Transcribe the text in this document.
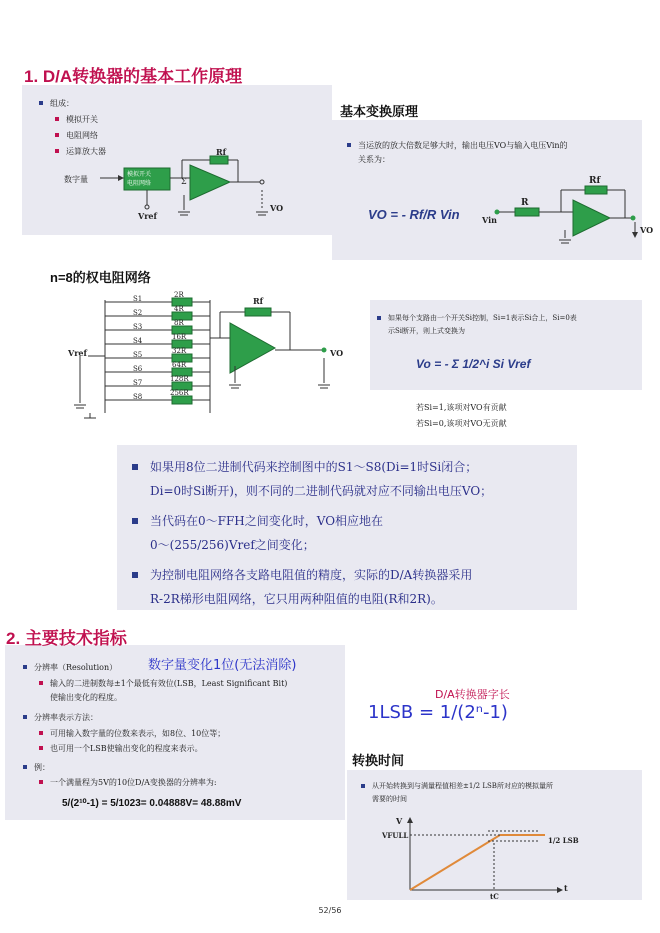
1. D/A转换器的基本工作原理
组成：
模拟开关
电阻网络
运算放大器
数字量
模拟开关
电阻网络
Rf
Vref
VO
Σ
基本变换原理
当运放的放大倍数足够大时，输出电压VO与输入电压Vin的
关系为：
VO = - Rf/R Vin
R
Rf
Vin
VO
n=8的权电阻网络
S1
S2
S3
S4
S5
S6
S7
S8
2R
4R
8R
16R
32R
64R
128R
256R
Rf
Vref	VO
如果每个支路由一个开关Si控制，Si=1表示Si合上，Si=0表
示Si断开，则上式变换为
Vo = - Σ 1/2^i Si Vref
若Si=1,该项对VO有贡献
若Si=0,该项对VO无贡献
如果用8位二进制代码来控制图中的S1～S8(Di=1时Si闭合；
Di=0时Si断开)，则不同的二进制代码就对应不同输出电压VO；
当代码在0～FFH之间变化时，VO相应地在
0～(255/256)Vref之间变化；
为控制电阻网络各支路电阻值的精度，实际的D/A转换器采用
R-2R梯形电阻网络，它只用两种阻值的电阻(R和2R)。
2. 主要技术指标
分辨率（Resolution） 数字量变化1位(无法消除)
输入的二进制数每±1个最低有效位(LSB，Least Significant Bit)
使输出变化的程度。
分辨率表示方法：
可用输入数字量的位数来表示，如8位、10位等；
也可用一个LSB使输出变化的程度来表示。
例：
一个满量程为5V的10位D/A变换器的分辨率为:
5/(2¹⁰-1) = 5/1023= 0.04888V= 48.88mV
1LSB = 1/(2ⁿ-1)
D/A转换器字长
转换时间
从开始转换到与满量程值相差±1/2 LSB所对应的模拟量所
需要的时间
V
VFULL
1/2 LSB
t
tC
52/56
